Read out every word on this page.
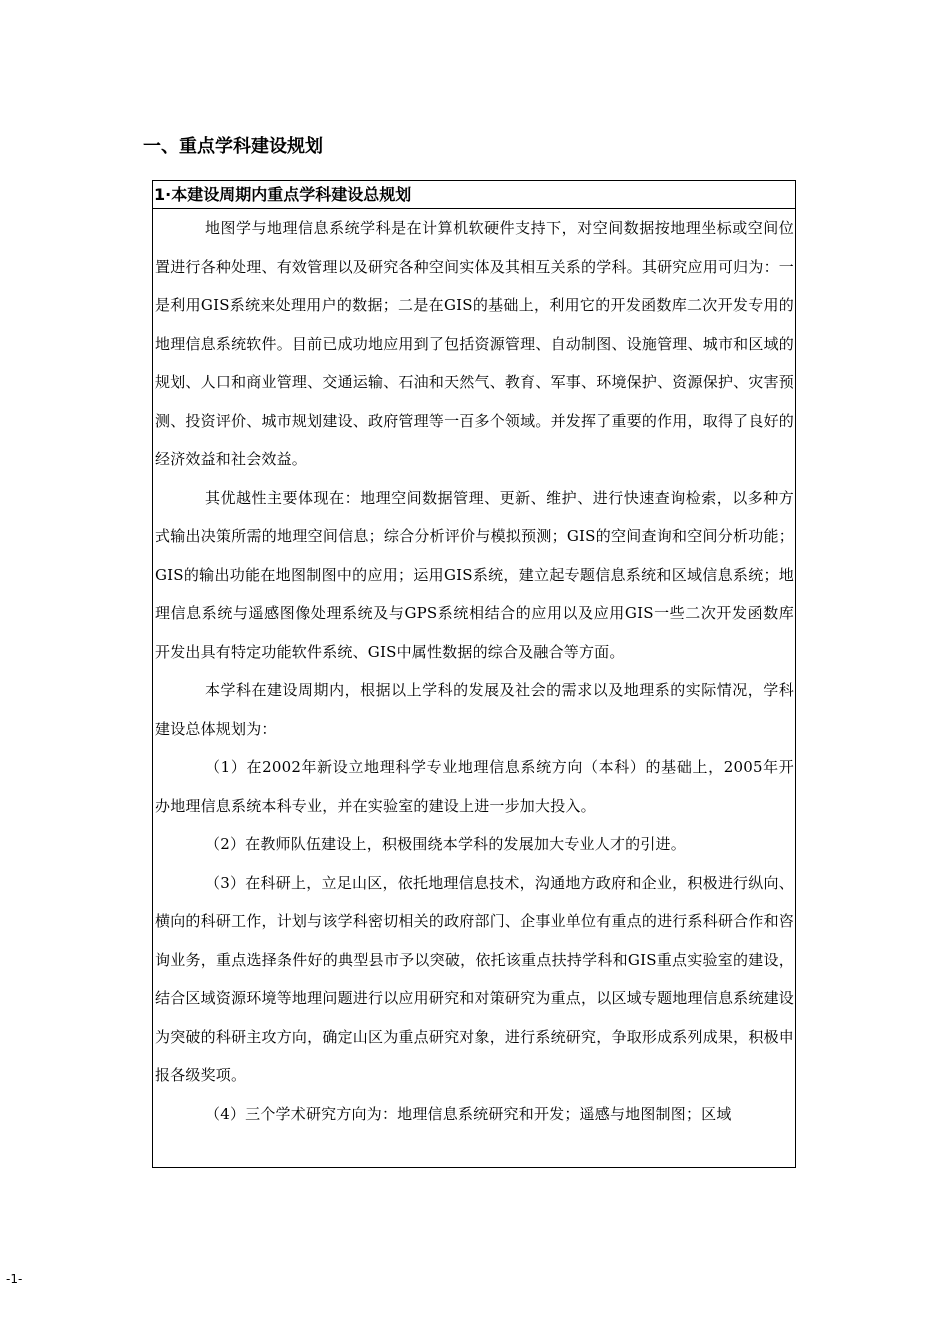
一、重点学科建设规划
1·本建设周期内重点学科建设总规划

地图学与地理信息系统学科是在计算机软硬件支持下，对空间数据按地理坐标或空间位置进行各种处理、有效管理以及研究各种空间实体及其相互关系的学科。其研究应用可归为：一是利用GIS系统来处理用户的数据；二是在GIS的基础上，利用它的开发函数库二次开发专用的地理信息系统软件。目前已成功地应用到了包括资源管理、自动制图、设施管理、城市和区域的规划、人口和商业管理、交通运输、石油和天然气、教育、军事、环境保护、资源保护、灾害预测、投资评价、城市规划建设、政府管理等一百多个领域。并发挥了重要的作用，取得了良好的经济效益和社会效益。

其优越性主要体现在：地理空间数据管理、更新、维护、进行快速查询检索，以多种方式输出决策所需的地理空间信息；综合分析评价与模拟预测；GIS的空间查询和空间分析功能；GIS的输出功能在地图制图中的应用；运用GIS系统，建立起专题信息系统和区域信息系统；地理信息系统与遥感图像处理系统及与GPS系统相结合的应用以及应用GIS一些二次开发函数库开发出具有特定功能软件系统、GIS中属性数据的综合及融合等方面。

本学科在建设周期内，根据以上学科的发展及社会的需求以及地理系的实际情况，学科建设总体规划为：

（1）在2002年新设立地理科学专业地理信息系统方向（本科）的基础上，2005年开办地理信息系统本科专业，并在实验室的建设上进一步加大投入。

（2）在教师队伍建设上，积极围绕本学科的发展加大专业人才的引进。

（3）在科研上，立足山区，依托地理信息技术，沟通地方政府和企业，积极进行纵向、横向的科研工作，计划与该学科密切相关的政府部门、企事业单位有重点的进行系科研合作和咨询业务，重点选择条件好的典型县市予以突破，依托该重点扶持学科和GIS重点实验室的建设，结合区域资源环境等地理问题进行以应用研究和对策研究为重点，以区域专题地理信息系统建设为突破的科研主攻方向，确定山区为重点研究对象，进行系统研究，争取形成系列成果，积极申报各级奖项。

（4）三个学术研究方向为：地理信息系统研究和开发；遥感与地图制图；区域

-1-
